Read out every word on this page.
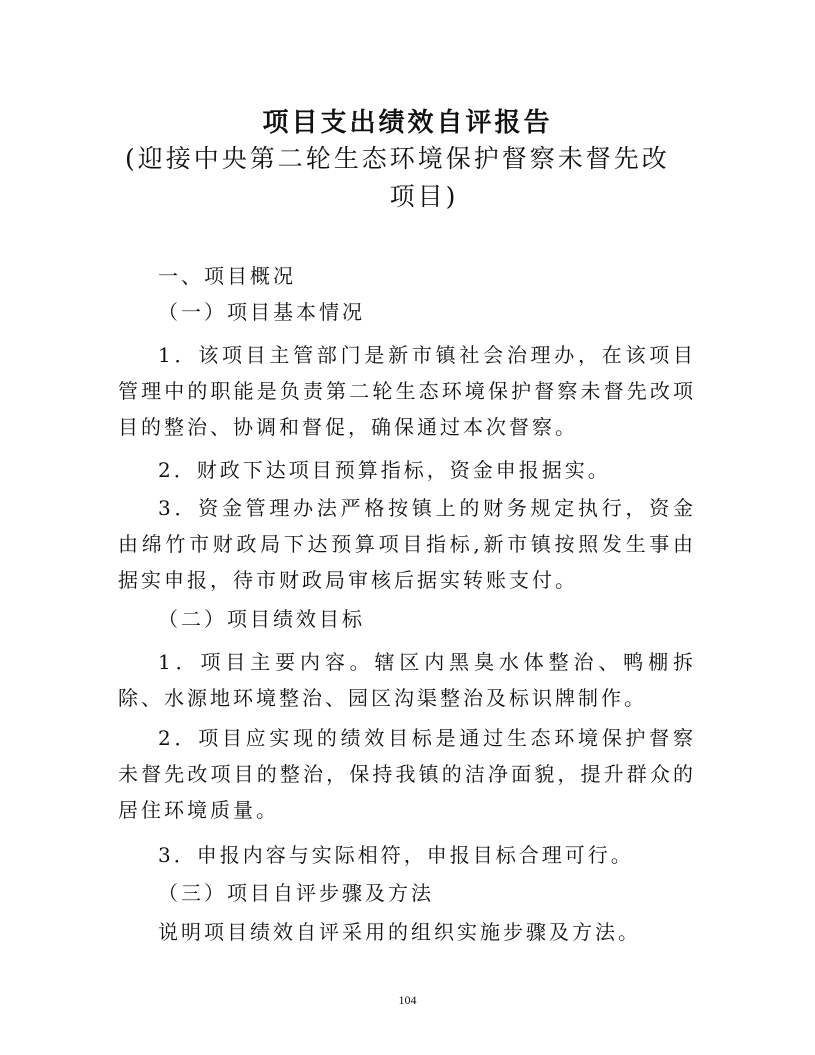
项目支出绩效自评报告
(迎接中央第二轮生态环境保护督察未督先改
项目)

一、项目概况

（一）项目基本情况

1．该项目主管部门是新市镇社会治理办，在该项目管理中的职能是负责第二轮生态环境保护督察未督先改项目的整治、协调和督促，确保通过本次督察。

2．财政下达项目预算指标，资金申报据实。

3．资金管理办法严格按镇上的财务规定执行，资金由绵竹市财政局下达预算项目指标,新市镇按照发生事由据实申报，待市财政局审核后据实转账支付。

（二）项目绩效目标

1．项目主要内容。辖区内黑臭水体整治、鸭棚拆除、水源地环境整治、园区沟渠整治及标识牌制作。

2．项目应实现的绩效目标是通过生态环境保护督察未督先改项目的整治，保持我镇的洁净面貌，提升群众的居住环境质量。

3．申报内容与实际相符，申报目标合理可行。

（三）项目自评步骤及方法

说明项目绩效自评采用的组织实施步骤及方法。

104
